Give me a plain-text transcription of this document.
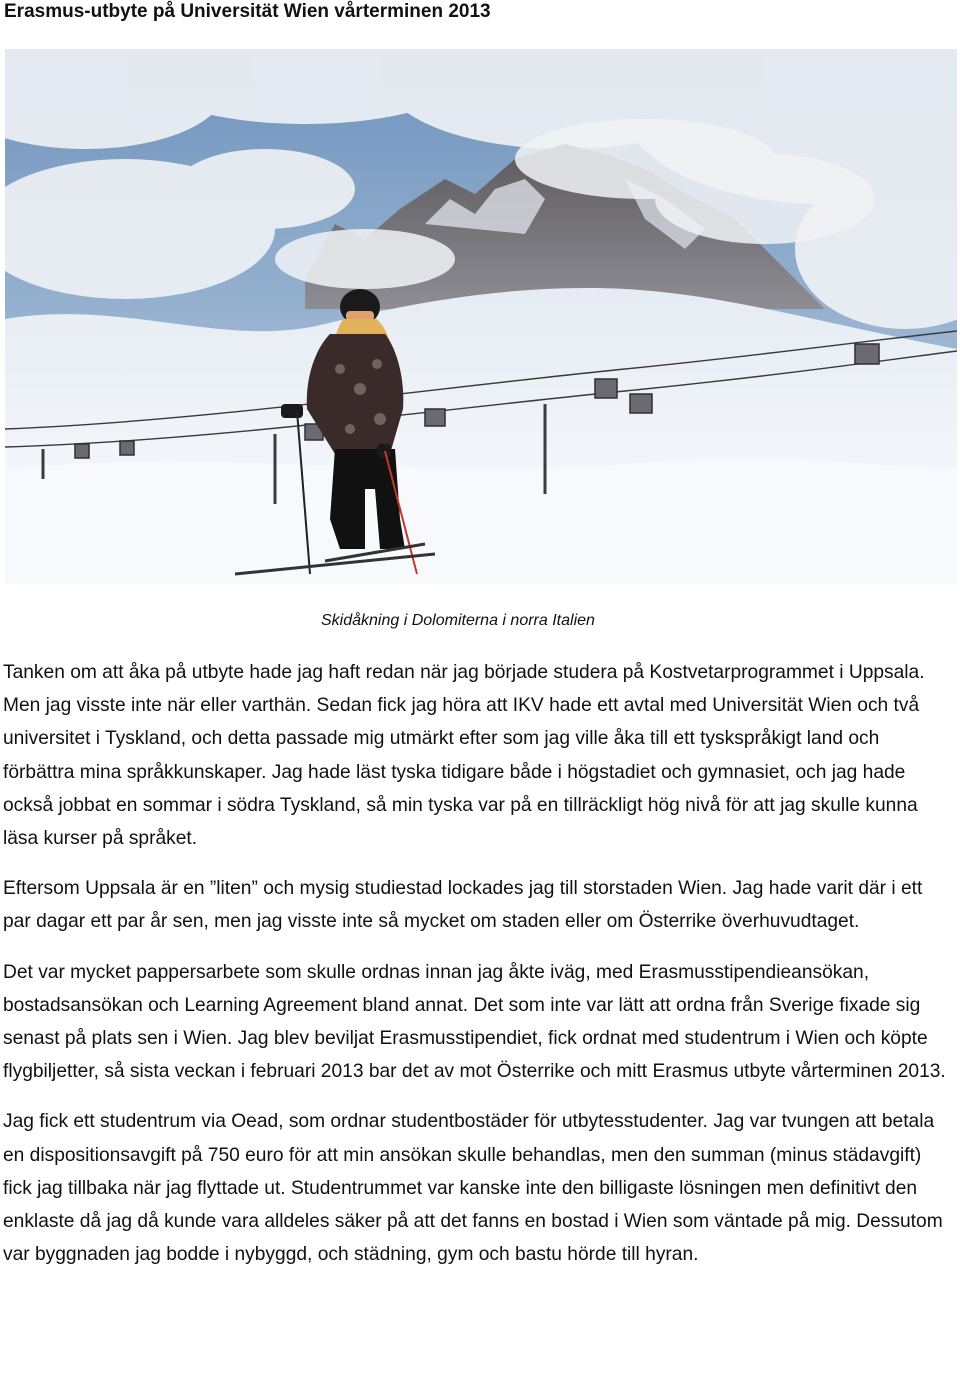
Erasmus-utbyte på Universität Wien vårterminen 2013
Skidåkning i Dolomiterna i norra Italien

Tanken om att åka på utbyte hade jag haft redan när jag började studera på Kostvetarprogrammet i Uppsala. Men jag visste inte när eller varthän. Sedan fick jag höra att IKV hade ett avtal med Universität Wien och två universitet i Tyskland, och detta passade mig utmärkt efter som jag ville åka till ett tyskspråkigt land och förbättra mina språkkunskaper. Jag hade läst tyska tidigare både i högstadiet och gymnasiet, och jag hade också jobbat en sommar i södra Tyskland, så min tyska var på en tillräckligt hög nivå för att jag skulle kunna läsa kurser på språket.

Eftersom Uppsala är en ”liten” och mysig studiestad lockades jag till storstaden Wien. Jag hade varit där i ett par dagar ett par år sen, men jag visste inte så mycket om staden eller om Österrike överhuvudtaget.

Det var mycket pappersarbete som skulle ordnas innan jag åkte iväg, med Erasmusstipendieansökan, bostadsansökan och Learning Agreement bland annat. Det som inte var lätt att ordna från Sverige fixade sig senast på plats sen i Wien. Jag blev beviljat Erasmusstipendiet, fick ordnat med studentrum i Wien och köpte flygbiljetter, så sista veckan i februari 2013 bar det av mot Österrike och mitt Erasmus utbyte vårterminen 2013.

Jag fick ett studentrum via Oead, som ordnar studentbostäder för utbytesstudenter. Jag var tvungen att betala en dispositionsavgift på 750 euro för att min ansökan skulle behandlas, men den summan (minus städavgift) fick jag tillbaka när jag flyttade ut. Studentrummet var kanske inte den billigaste lösningen men definitivt den enklaste då jag då kunde vara alldeles säker på att det fanns en bostad i Wien som väntade på mig. Dessutom var byggnaden jag bodde i nybyggd, och städning, gym och bastu hörde till hyran.
